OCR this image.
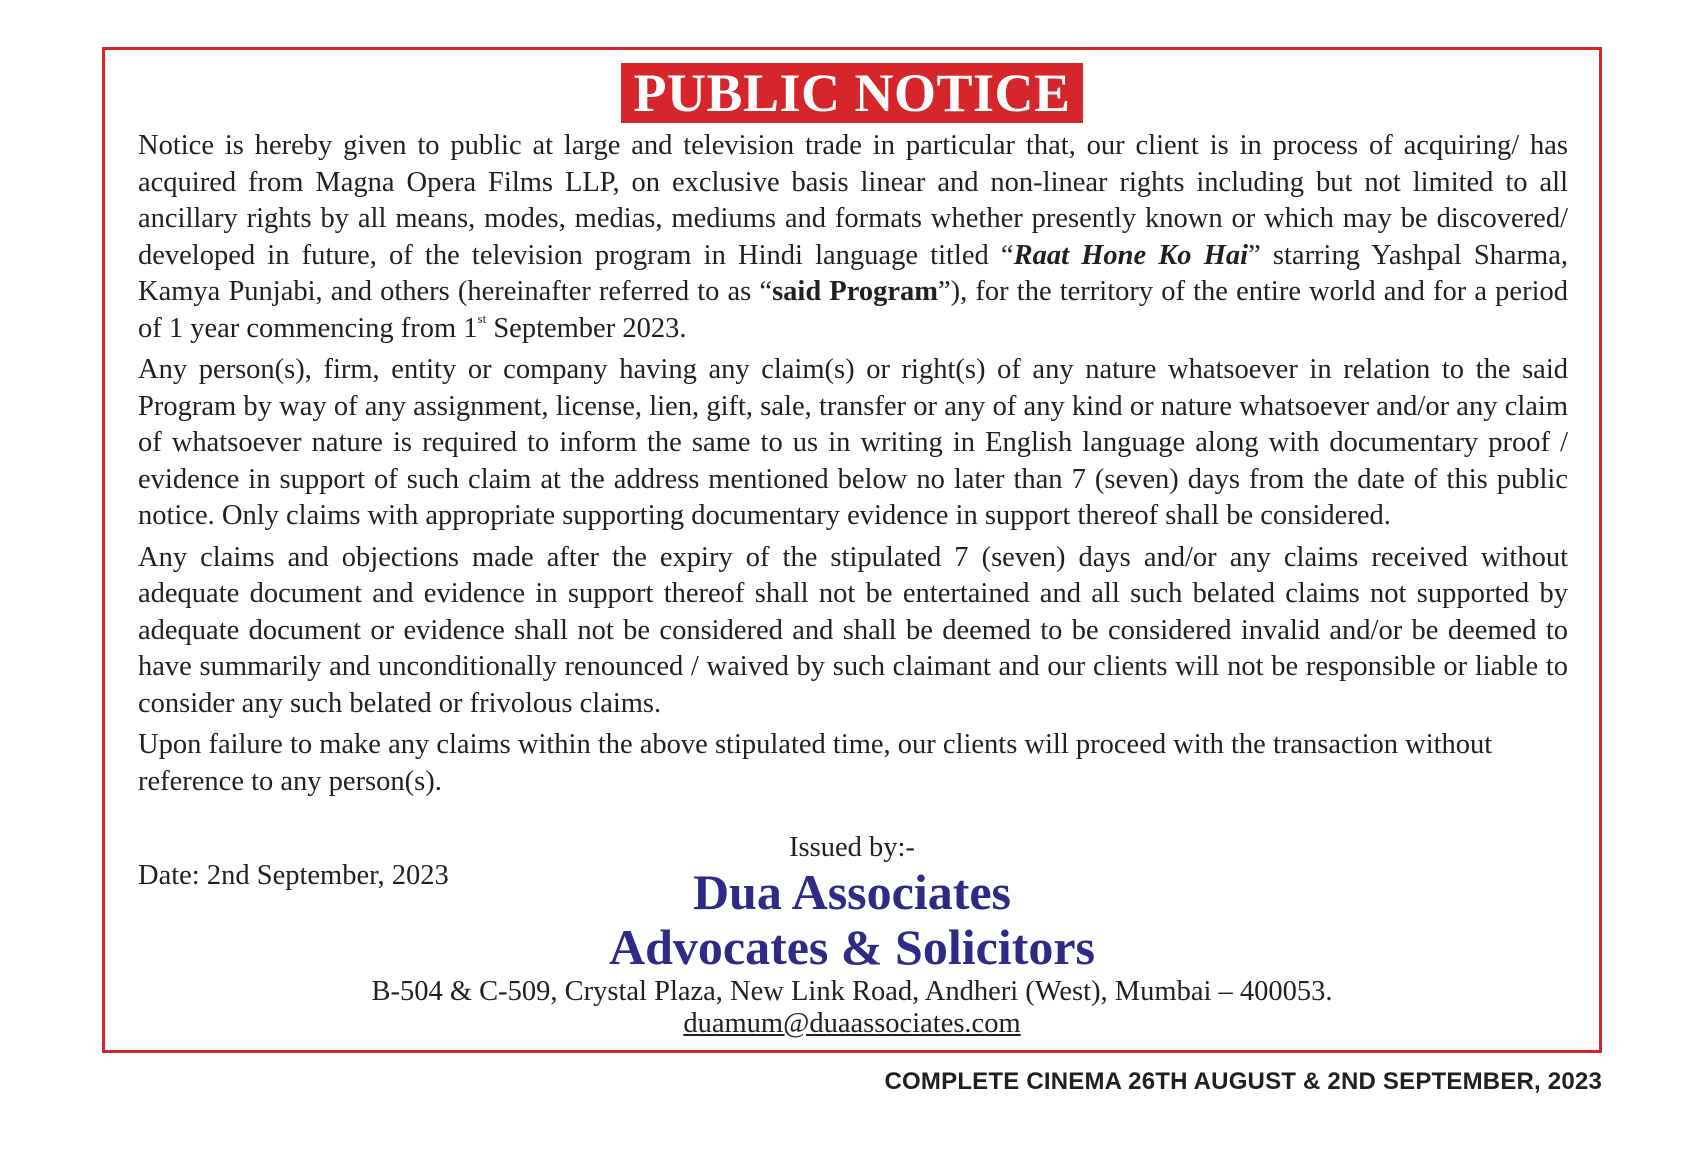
PUBLIC NOTICE

Notice is hereby given to public at large and television trade in particular that, our client is in process of acquiring/ has acquired from Magna Opera Films LLP, on exclusive basis linear and non-linear rights including but not limited to all ancillary rights by all means, modes, medias, mediums and formats whether presently known or which may be discovered/ developed in future, of the television program in Hindi language titled “Raat Hone Ko Hai” starring Yashpal Sharma, Kamya Punjabi, and others (hereinafter referred to as “said Program”), for the territory of the entire world and for a period of 1 year commencing from 1st September 2023.

Any person(s), firm, entity or company having any claim(s) or right(s) of any nature whatsoever in relation to the said Program by way of any assignment, license, lien, gift, sale, transfer or any of any kind or nature whatsoever and/or any claim of whatsoever nature is required to inform the same to us in writing in English language along with documentary proof / evidence in support of such claim at the address mentioned below no later than 7 (seven) days from the date of this public notice. Only claims with appropriate supporting documentary evidence in support thereof shall be considered.

Any claims and objections made after the expiry of the stipulated 7 (seven) days and/or any claims received without adequate document and evidence in support thereof shall not be entertained and all such belated claims not supported by adequate document or evidence shall not be considered and shall be deemed to be considered invalid and/or be deemed to have summarily and unconditionally renounced / waived by such claimant and our clients will not be responsible or liable to consider any such belated or frivolous claims.

Upon failure to make any claims within the above stipulated time, our clients will proceed with the transaction without reference to any person(s).

Issued by:-
Date: 2nd September, 2023	Dua Associates
Advocates & Solicitors
B-504 & C-509, Crystal Plaza, New Link Road, Andheri (West), Mumbai – 400053.
duamum@duaassociates.com
COMPLETE CINEMA 26TH AUGUST & 2ND SEPTEMBER, 2023
